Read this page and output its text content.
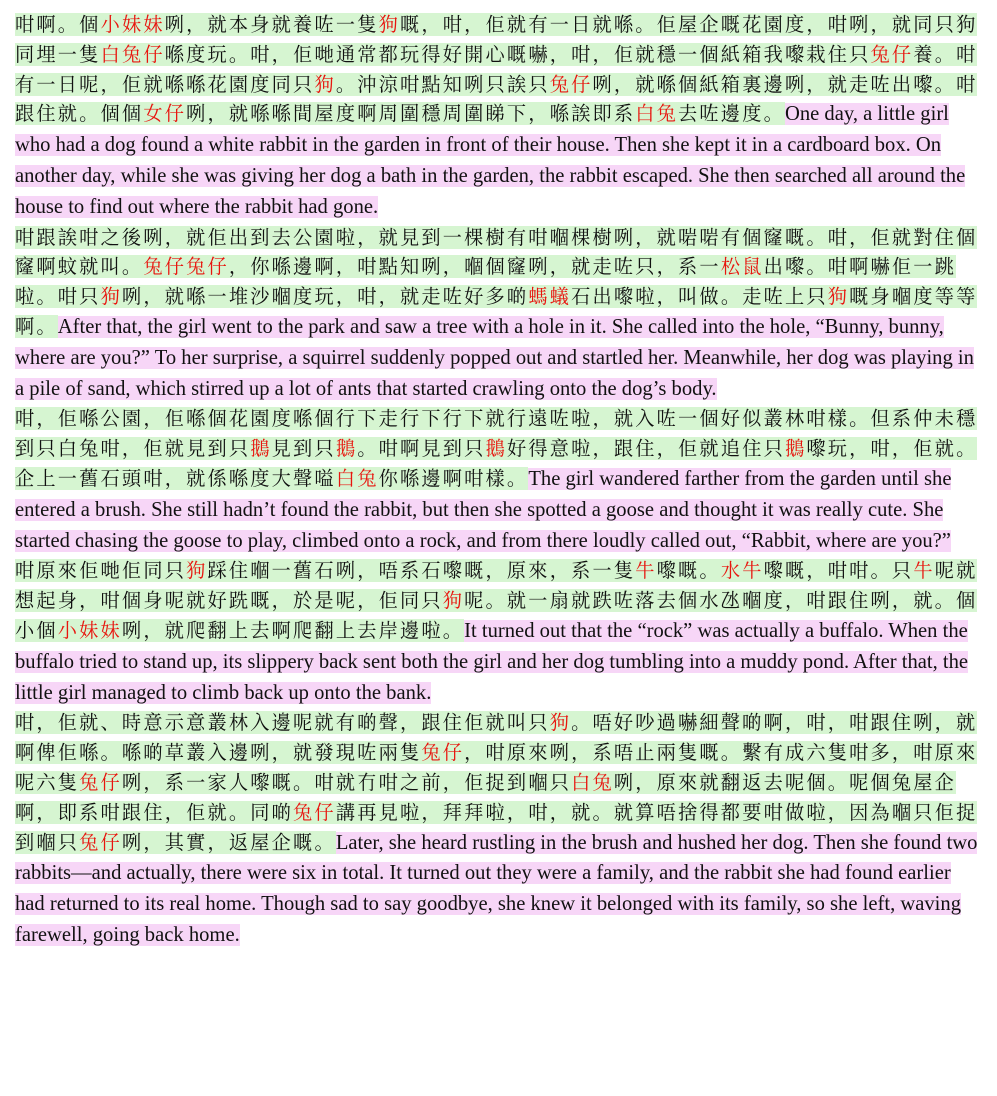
咁啊。個小妹妹咧，就本身就養咗一隻狗嘅，咁，佢就有一日就喺。佢屋企嘅花園度，咁咧，就同只狗同埋一隻白兔仔喺度玩。咁，佢哋通常都玩得好開心嘅嚇，咁，佢就穩一個紙箱我嚟栽住只兔仔養。咁有一日呢，佢就喺喺花園度同只狗。沖涼咁點知咧只誒只兔仔咧，就喺個紙箱裏邊咧，就走咗出嚟。咁跟住就。個個女仔咧，就喺喺間屋度啊周圍穩周圍睇下，喺誒即系白兔去咗邊度。One day, a little girl who had a dog found a white rabbit in the garden in front of their house. Then she kept it in a cardboard box. On another day, while she was giving her dog a bath in the garden, the rabbit escaped. She then searched all around the house to find out where the rabbit had gone.
咁跟誒咁之後咧，就佢出到去公園啦，就見到一棵樹有咁嗰棵樹咧，就啱啱有個窿嘅。咁，佢就對住個窿啊蚊就叫。兔仔兔仔，你喺邊啊，咁點知咧，嗰個窿咧，就走咗只，系一松鼠出嚟。咁啊嚇佢一跳啦。咁只狗咧，就喺一堆沙嗰度玩，咁，就走咗好多啲螞蟻石出嚟啦，叫做。走咗上只狗嘅身嗰度等等啊。After that, the girl went to the park and saw a tree with a hole in it. She called into the hole, “Bunny, bunny, where are you?” To her surprise, a squirrel suddenly popped out and startled her. Meanwhile, her dog was playing in a pile of sand, which stirred up a lot of ants that started crawling onto the dog’s body.
咁，佢喺公園，佢喺個花園度喺個行下走行下行下就行遠咗啦，就入咗一個好似叢林咁樣。但系仲未穩到只白兔咁，佢就見到只鵝見到只鵝。咁啊見到只鵝好得意啦，跟住，佢就追住只鵝嚟玩，咁，佢就。企上一舊石頭咁，就係喺度大聲嗌白兔你喺邊啊咁樣。The girl wandered farther from the garden until she entered a brush. She still hadn’t found the rabbit, but then she spotted a goose and thought it was really cute. She started chasing the goose to play, climbed onto a rock, and from there loudly called out, “Rabbit, where are you?”
咁原來佢哋佢同只狗踩住嗰一舊石咧，唔系石嚟嘅，原來，系一隻牛嚟嘅。水牛嚟嘅，咁咁。只牛呢就想起身，咁個身呢就好跣嘅，於是呢，佢同只狗呢。就一扇就跌咗落去個水氹嗰度，咁跟住咧，就。個小個小妹妹咧，就爬翻上去啊爬翻上去岸邊啦。It turned out that the “rock” was actually a buffalo. When the buffalo tried to stand up, its slippery back sent both the girl and her dog tumbling into a muddy pond. After that, the little girl managed to climb back up onto the bank.
咁，佢就、時意示意叢林入邊呢就有啲聲，跟住佢就叫只狗。唔好吵過嚇細聲啲啊，咁，咁跟住咧，就啊俾佢喺。喺啲草叢入邊咧，就發現咗兩隻兔仔，咁原來咧，系唔止兩隻嘅。繫有成六隻咁多，咁原來呢六隻兔仔咧，系一家人嚟嘅。咁就冇咁之前，佢捉到嗰只白兔咧，原來就翻返去呢個。呢個兔屋企啊，即系咁跟住，佢就。同啲兔仔講再見啦，拜拜啦，咁，就。就算唔捨得都要咁做啦，因為嗰只佢捉到嗰只兔仔咧，其實，返屋企嘅。Later, she heard rustling in the brush and hushed her dog. Then she found two rabbits—and actually, there were six in total. It turned out they were a family, and the rabbit she had found earlier had returned to its real home. Though sad to say goodbye, she knew it belonged with its family, so she left, waving farewell, going back home.
